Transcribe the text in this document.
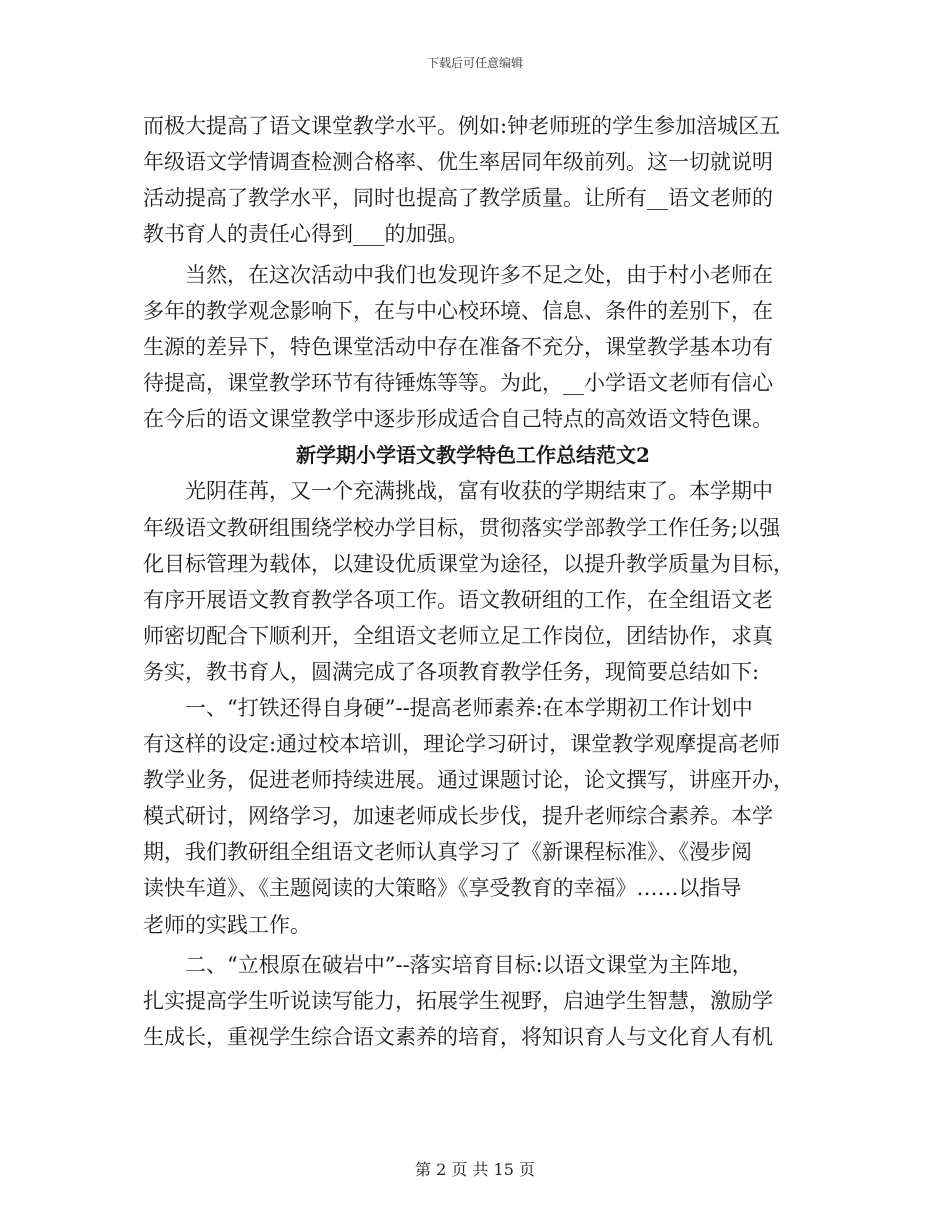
下载后可任意编辑
而极大提高了语文课堂教学水平。例如:钟老师班的学生参加涪城区五
年级语文学情调查检测合格率、优生率居同年级前列。这一切就说明
活动提高了教学水平，同时也提高了教学质量。让所有__语文老师的
教书育人的责任心得到___的加强。
当然，在这次活动中我们也发现许多不足之处，由于村小老师在
多年的教学观念影响下，在与中心校环境、信息、条件的差别下，在
生源的差异下，特色课堂活动中存在准备不充分，课堂教学基本功有
待提高，课堂教学环节有待锤炼等等。为此，__小学语文老师有信心
在今后的语文课堂教学中逐步形成适合自己特点的高效语文特色课。
新学期小学语文教学特色工作总结范文2
光阴荏苒，又一个充满挑战，富有收获的学期结束了。本学期中
年级语文教研组围绕学校办学目标，贯彻落实学部教学工作任务;以强
化目标管理为载体，以建设优质课堂为途径，以提升教学质量为目标，
有序开展语文教育教学各项工作。语文教研组的工作，在全组语文老
师密切配合下顺利开，全组语文老师立足工作岗位，团结协作，求真
务实，教书育人，圆满完成了各项教育教学任务，现简要总结如下:
一、“打铁还得自身硬”--提高老师素养:在本学期初工作计划中
有这样的设定:通过校本培训，理论学习研讨，课堂教学观摩提高老师
教学业务，促进老师持续进展。通过课题讨论，论文撰写，讲座开办，
模式研讨，网络学习，加速老师成长步伐，提升老师综合素养。本学
期，我们教研组全组语文老师认真学习了《新课程标准》、《漫步阅
读快车道》、《主题阅读的大策略》《享受教育的幸福》……以指导
老师的实践工作。
二、“立根原在破岩中”--落实培育目标:以语文课堂为主阵地，
扎实提高学生听说读写能力，拓展学生视野，启迪学生智慧，激励学
生成长，重视学生综合语文素养的培育，将知识育人与文化育人有机
第 2 页 共 15 页
